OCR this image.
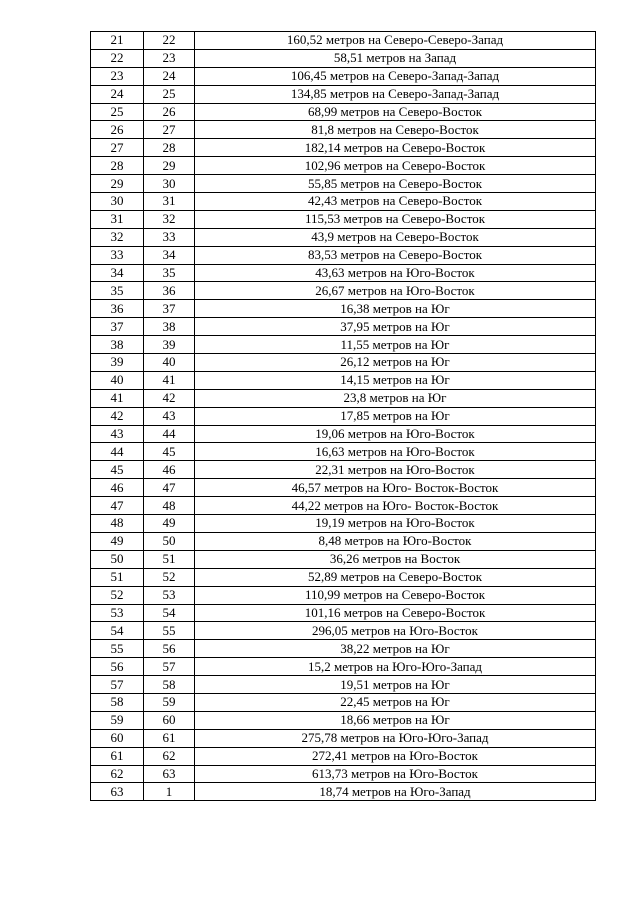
21	22	160,52 метров на Северо-Северо-Запад
22	23	58,51 метров на Запад
23	24	106,45 метров на Северо-Запад-Запад
24	25	134,85 метров на Северо-Запад-Запад
25	26	68,99 метров на Северо-Восток
26	27	81,8 метров на Северо-Восток
27	28	182,14 метров на Северо-Восток
28	29	102,96 метров на Северо-Восток
29	30	55,85 метров на Северо-Восток
30	31	42,43 метров на Северо-Восток
31	32	115,53 метров на Северо-Восток
32	33	43,9 метров на Северо-Восток
33	34	83,53 метров на Северо-Восток
34	35	43,63 метров на Юго-Восток
35	36	26,67 метров на Юго-Восток
36	37	16,38 метров на Юг
37	38	37,95 метров на Юг
38	39	11,55 метров на Юг
39	40	26,12 метров на Юг
40	41	14,15 метров на Юг
41	42	23,8 метров на Юг
42	43	17,85 метров на Юг
43	44	19,06 метров на Юго-Восток
44	45	16,63 метров на Юго-Восток
45	46	22,31 метров на Юго-Восток
46	47	46,57 метров на Юго- Восток-Восток
47	48	44,22 метров на Юго- Восток-Восток
48	49	19,19 метров на Юго-Восток
49	50	8,48 метров на Юго-Восток
50	51	36,26 метров на Восток
51	52	52,89 метров на Северо-Восток
52	53	110,99 метров на Северо-Восток
53	54	101,16 метров на Северо-Восток
54	55	296,05 метров на Юго-Восток
55	56	38,22 метров на Юг
56	57	15,2 метров на Юго-Юго-Запад
57	58	19,51 метров на Юг
58	59	22,45 метров на Юг
59	60	18,66 метров на Юг
60	61	275,78 метров на Юго-Юго-Запад
61	62	272,41 метров на Юго-Восток
62	63	613,73 метров на Юго-Восток
63	1	18,74 метров на Юго-Запад
